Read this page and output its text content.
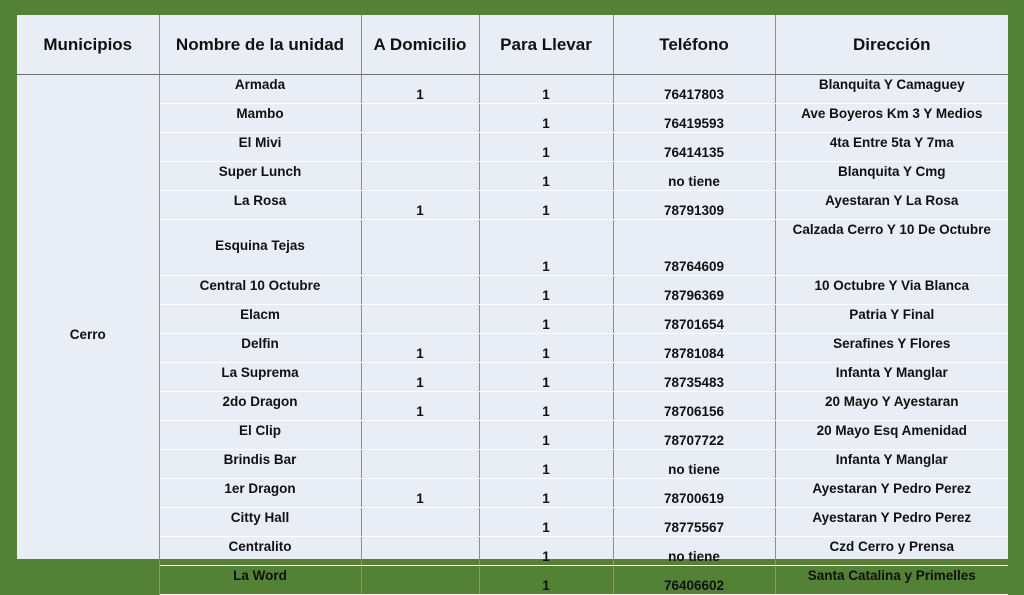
Municipios	Nombre de la unidad	A Domicilio	Para Llevar	Teléfono	Dirección
Cerro	Armada	1	1	76417803	Blanquita Y Camaguey
	Mambo		1	76419593	Ave Boyeros Km 3 Y Medios
	El Mivi		1	76414135	4ta Entre 5ta Y 7ma
	Super Lunch		1	no tiene	Blanquita Y Cmg
	La Rosa	1	1	78791309	Ayestaran Y La Rosa
	Esquina Tejas		1	78764609	Calzada Cerro Y 10 De Octubre
	Central 10 Octubre		1	78796369	10 Octubre Y Via Blanca
	Elacm		1	78701654	Patria Y Final
	Delfin	1	1	78781084	Serafines Y Flores
	La Suprema	1	1	78735483	Infanta Y Manglar
	2do Dragon	1	1	78706156	20 Mayo Y Ayestaran
	El Clip		1	78707722	20 Mayo Esq Amenidad
	Brindis Bar		1	no tiene	Infanta Y Manglar
	1er Dragon	1	1	78700619	Ayestaran Y Pedro Perez
	Citty Hall		1	78775567	Ayestaran Y Pedro Perez
	Centralito		1	no tiene	Czd Cerro y Prensa
	La Word		1	76406602	Santa Catalina y Primelles
